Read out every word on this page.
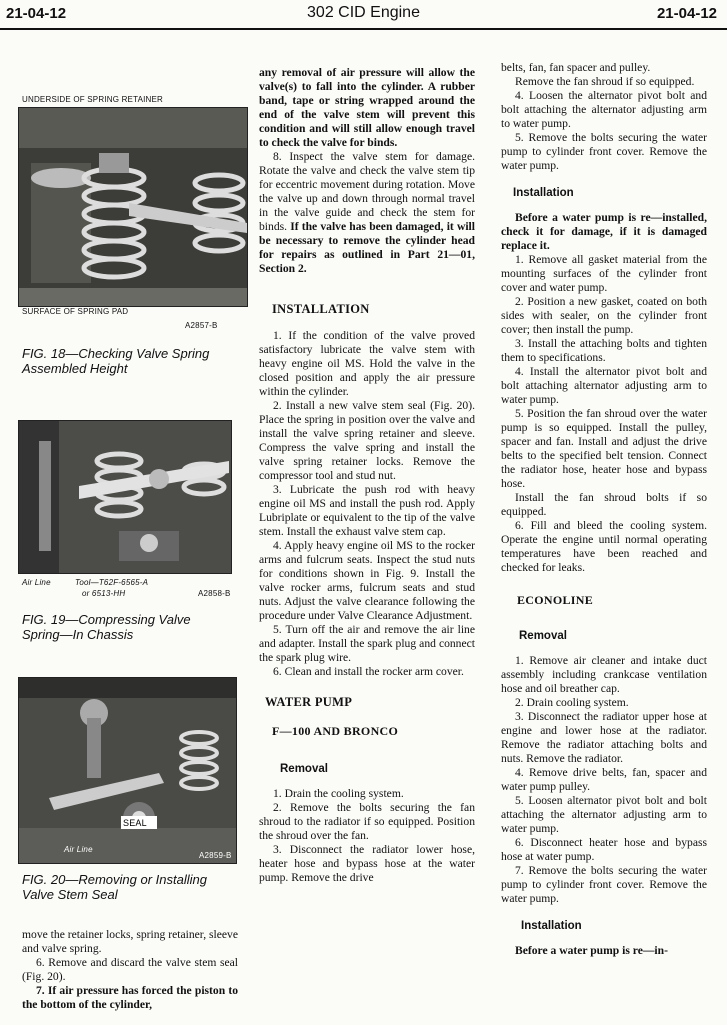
21-04-12	302 CID Engine	21-04-12
UNDERSIDE OF SPRING RETAINER
SURFACE OF SPRING PAD
A2857-B
FIG. 18—Checking Valve Spring Assembled Height
Air Line	Tool—T62F-6565-A
or 6513-HH	A2858-B
FIG. 19—Compressing Valve Spring—In Chassis
SEAL
Air Line
A2859-B
FIG. 20—Removing or Installing Valve Stem Seal

move the retainer locks, spring retainer, sleeve and valve spring.

6. Remove and discard the valve stem seal (Fig. 20).

7. If air pressure has forced the piston to the bottom of the cylinder,

any removal of air pressure will allow the valve(s) to fall into the cylinder. A rubber band, tape or string wrapped around the end of the valve stem will prevent this condition and will still allow enough travel to check the valve for binds.

8. Inspect the valve stem for damage. Rotate the valve and check the valve stem tip for eccentric movement during rotation. Move the valve up and down through normal travel in the valve guide and check the stem for binds. If the valve has been damaged, it will be necessary to remove the cylinder head for repairs as outlined in Part 21—01, Section 2.

INSTALLATION

1. If the condition of the valve proved satisfactory lubricate the valve stem with heavy engine oil MS. Hold the valve in the closed position and apply the air pressure within the cylinder.

2. Install a new valve stem seal (Fig. 20). Place the spring in position over the valve and install the valve spring retainer and sleeve. Compress the valve spring and install the valve spring retainer locks. Remove the compressor tool and stud nut.

3. Lubricate the push rod with heavy engine oil MS and install the push rod. Apply Lubriplate or equivalent to the tip of the valve stem. Install the exhaust valve stem cap.

4. Apply heavy engine oil MS to the rocker arms and fulcrum seats. Inspect the stud nuts for conditions shown in Fig. 9. Install the valve rocker arms, fulcrum seats and stud nuts. Adjust the valve clearance following the procedure under Valve Clearance Adjustment.

5. Turn off the air and remove the air line and adapter. Install the spark plug and connect the spark plug wire.

6. Clean and install the rocker arm cover.

WATER PUMP
F—100 AND BRONCO
Removal

1. Drain the cooling system.

2. Remove the bolts securing the fan shroud to the radiator if so equipped. Position the shroud over the fan.

3. Disconnect the radiator lower hose, heater hose and bypass hose at the water pump. Remove the drive

belts, fan, fan spacer and pulley.

Remove the fan shroud if so equipped.

4. Loosen the alternator pivot bolt and bolt attaching the alternator adjusting arm to water pump.

5. Remove the bolts securing the water pump to cylinder front cover. Remove the water pump.

Installation

Before a water pump is re—installed, check it for damage, if it is damaged replace it.

1. Remove all gasket material from the mounting surfaces of the cylinder front cover and water pump.

2. Position a new gasket, coated on both sides with sealer, on the cylinder front cover; then install the pump.

3. Install the attaching bolts and tighten them to specifications.

4. Install the alternator pivot bolt and bolt attaching alternator adjusting arm to water pump.

5. Position the fan shroud over the water pump is so equipped. Install the pulley, spacer and fan. Install and adjust the drive belts to the specified belt tension. Connect the radiator hose, heater hose and bypass hose.

Install the fan shroud bolts if so equipped.

6. Fill and bleed the cooling system. Operate the engine until normal operating temperatures have been reached and checked for leaks.

ECONOLINE
Removal

1. Remove air cleaner and intake duct assembly including crankcase ventilation hose and oil breather cap.

2. Drain cooling system.

3. Disconnect the radiator upper hose at engine and lower hose at the radiator. Remove the radiator attaching bolts and nuts. Remove the radiator.

4. Remove drive belts, fan, spacer and water pump pulley.

5. Loosen alternator pivot bolt and bolt attaching the alternator adjusting arm to water pump.

6. Disconnect heater hose and bypass hose at water pump.

7. Remove the bolts securing the water pump to cylinder front cover. Remove the water pump.

Installation

Before a water pump is re—in-
